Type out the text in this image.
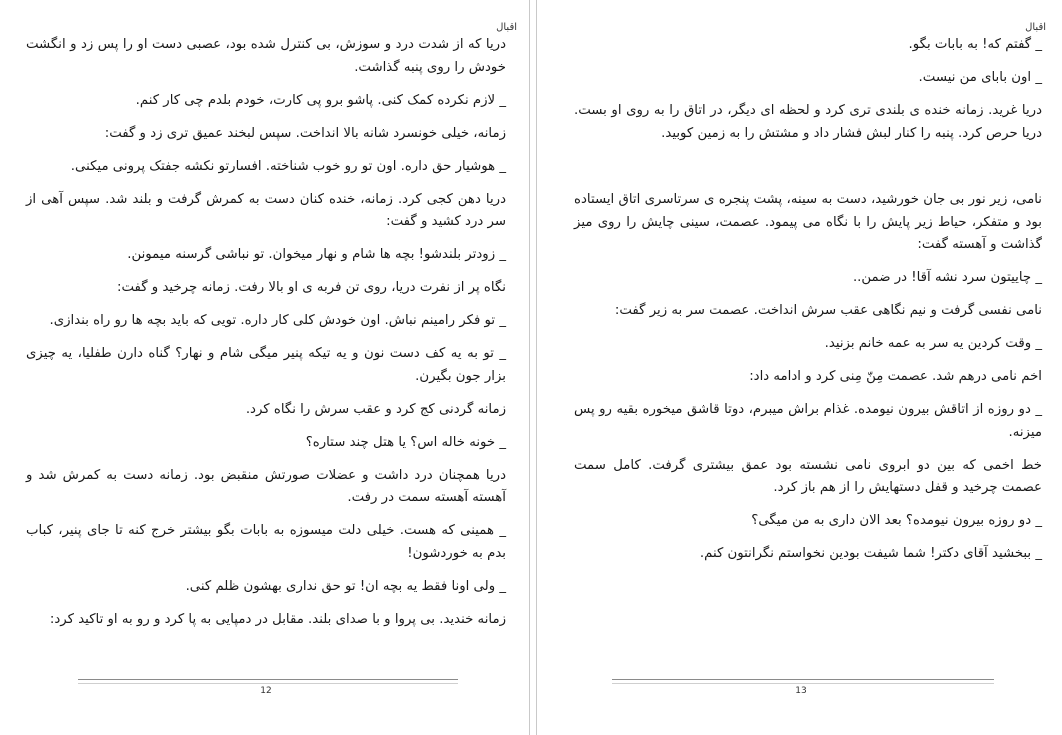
اقبال
12
اقبال
13

دریا که از شدت درد و سوزش، بی کنترل شده بود، عصبی دست او را پس زد و انگشت خودش را روی پنبه گذاشت.

_ لازم نکرده کمک کنی. پاشو برو پی کارت، خودم بلدم چی کار کنم.

زمانه، خیلی خونسرد شانه بالا انداخت. سپس لبخند عمیق تری زد و گفت:

_ هوشیار حق داره. اون تو رو خوب شناخته. افسارتو نکشه جفتک پرونی میکنی.

دریا دهن کجی کرد. زمانه، خنده کنان دست به کمرش گرفت و بلند شد. سپس آهی از سر درد کشید و گفت:

_ زودتر بلندشو! بچه ها شام و نهار میخوان. تو نباشی گرسنه میمونن.

نگاه پر از نفرت دریا، روی تن فربه ی او بالا رفت. زمانه چرخید و گفت:

_ تو فکر رامینم نباش. اون خودش کلی کار داره. تویی که باید بچه ها رو راه بندازی.

_ تو به یه کف دست نون و یه تیکه پنیر میگی شام و نهار؟ گناه دارن طفلیا، یه چیزی بزار جون بگیرن.

زمانه گردنی کج کرد و عقب سرش را نگاه کرد.

_ خونه خاله اس؟ یا هتل چند ستاره؟

دریا همچنان درد داشت و عضلات صورتش منقبض بود. زمانه دست به کمرش شد و آهسته آهسته سمت در رفت.

_ همینی که هست. خیلی دلت میسوزه به بابات بگو بیشتر خرج کنه تا جای پنیر، کباب بدم به خوردشون!

_ ولی اونا فقط یه بچه ان! تو حق نداری بهشون ظلم کنی.

زمانه خندید. بی پروا و با صدای بلند. مقابل در دمپایی به پا کرد و رو به او تاکید کرد:

_ گفتم که! به بابات بگو.

_ اون بابای من نیست.

دریا غرید. زمانه خنده ی بلندی تری کرد و لحظه ای دیگر، در اتاق را به روی او بست. دریا حرص کرد. پنبه را کنار لبش فشار داد و مشتش را به زمین کوبید.

نامی، زیر نور بی جان خورشید، دست به سینه، پشت پنجره ی سرتاسری اتاق ایستاده بود و متفکر، حیاط زیر پایش را با نگاه می پیمود. عصمت، سینی چایش را روی میز گذاشت و آهسته گفت:

_ چاییتون سرد نشه آقا! در ضمن..

نامی نفسی گرفت و نیم نگاهی عقب سرش انداخت. عصمت سر به زیر گفت:

_ وقت کردین یه سر به عمه خانم بزنید.

اخم نامی درهم شد. عصمت مِنّ مِنی کرد و ادامه داد:

_ دو روزه از اتاقش بیرون نیومده. غذام براش میبرم، دوتا قاشق میخوره بقیه رو پس میزنه.

خط اخمی که بین دو ابروی نامی نشسته بود عمق بیشتری گرفت. کامل سمت عصمت چرخید و قفل دستهایش را از هم باز کرد.

_ دو روزه بیرون نیومده؟ بعد الان داری به من میگی؟

_ ببخشید آقای دکتر! شما شیفت بودین نخواستم نگرانتون کنم.
